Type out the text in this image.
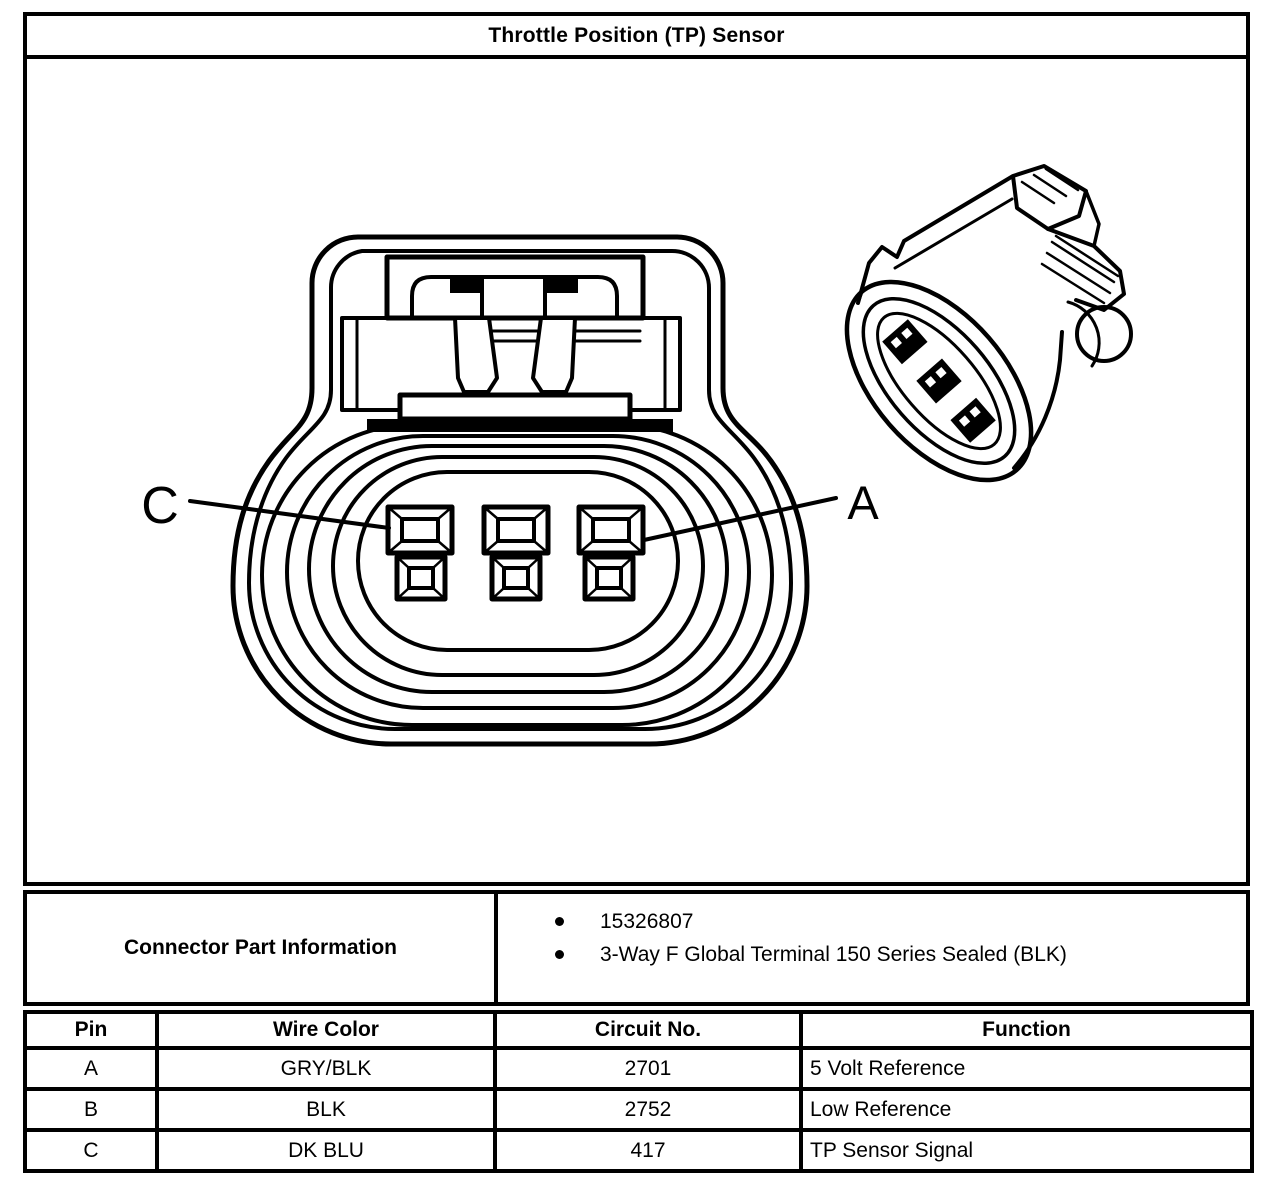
Throttle Position (TP) Sensor
C	A
Connector Part Information
15326807
3-Way F Global Terminal 150 Series Sealed (BLK)
Pin	Wire Color	Circuit No.	Function
A	GRY/BLK	2701	5 Volt Reference
B	BLK	2752	Low Reference
C	DK BLU	417	TP Sensor Signal
